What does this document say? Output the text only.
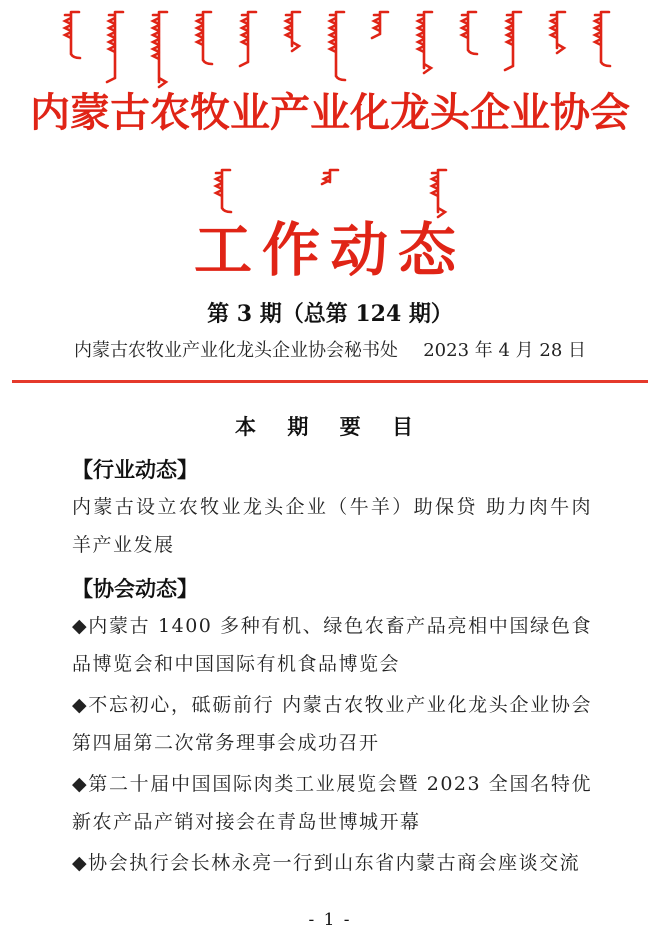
内蒙古农牧业产业化龙头企业协会
工作动态
第 3 期（总第 124 期）
内蒙古农牧业产业化龙头企业协会秘书处 2023 年 4 月 28 日
本 期 要 目
【行业动态】
内蒙古设立农牧业龙头企业（牛羊）助保贷 助力肉牛肉羊产业发展
【协会动态】
◆内蒙古 1400 多种有机、绿色农畜产品亮相中国绿色食品博览会和中国国际有机食品博览会
◆不忘初心，砥砺前行 内蒙古农牧业产业化龙头企业协会第四届第二次常务理事会成功召开
◆第二十届中国国际肉类工业展览会暨 2023 全国名特优新农产品产销对接会在青岛世博城开幕
◆协会执行会长林永亮一行到山东省内蒙古商会座谈交流
- 1 -
